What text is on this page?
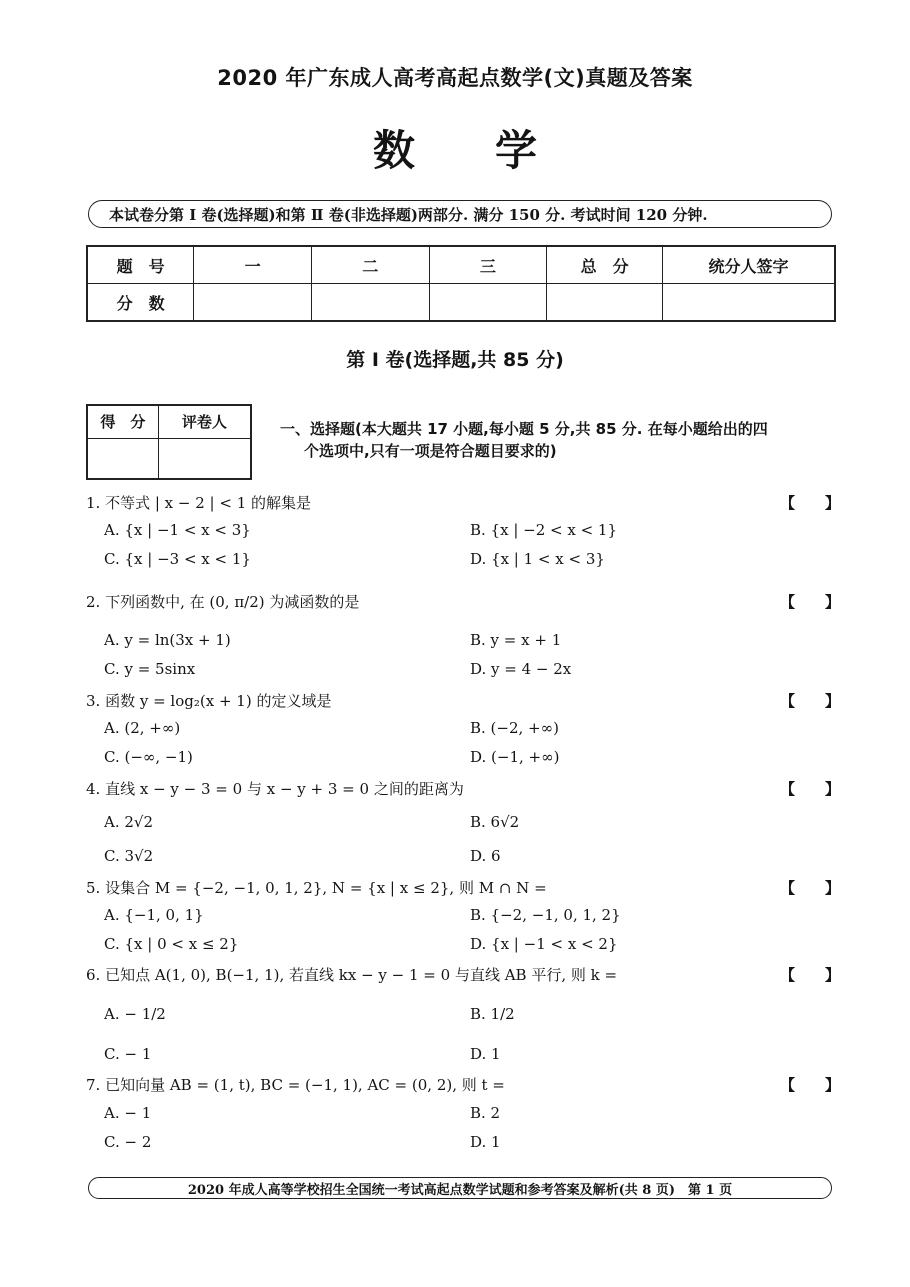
2020 年广东成人高考高起点数学(文)真题及答案
数学
本试卷分第 Ⅰ 卷(选择题)和第 Ⅱ 卷(非选择题)两部分. 满分 150 分. 考试时间 120 分钟.
题　号	一	二	三	总　分	统分人签字
分　数					
第 Ⅰ 卷(选择题,共 85 分)
得　分	评卷人
		一、选择题(本大题共 17 小题,每小题 5 分,共 85 分. 在每小题给出的四
个选项中,只有一项是符合题目要求的)
1. 不等式 | x − 2 | < 1 的解集是	【　　】
A. {x | −1 < x < 3}	B. {x | −2 < x < 1}
C. {x | −3 < x < 1}	D. {x | 1 < x < 3}
2. 下列函数中, 在 (0, π/2) 为减函数的是	【　　】
A. y = ln(3x + 1)	B. y = x + 1
C. y = 5sinx	D. y = 4 − 2x
3. 函数 y = log₂(x + 1) 的定义域是	【　　】
A. (2, +∞)	B. (−2, +∞)
C. (−∞, −1)	D. (−1, +∞)
4. 直线 x − y − 3 = 0 与 x − y + 3 = 0 之间的距离为	【　　】
A. 2√2	B. 6√2
C. 3√2	D. 6
5. 设集合 M = {−2, −1, 0, 1, 2}, N = {x | x ≤ 2}, 则 M ∩ N =	【　　】
A. {−1, 0, 1}	B. {−2, −1, 0, 1, 2}
C. {x | 0 < x ≤ 2}	D. {x | −1 < x < 2}
6. 已知点 A(1, 0), B(−1, 1), 若直线 kx − y − 1 = 0 与直线 AB 平行, 则 k =	【　　】
A. − 1/2	B. 1/2
C. − 1	D. 1
7. 已知向量 AB = (1, t), BC = (−1, 1), AC = (0, 2), 则 t =	【　　】
A. − 1	B. 2
C. − 2	D. 1
2020 年成人高等学校招生全国统一考试高起点数学试题和参考答案及解析(共 8 页)　第 1 页
